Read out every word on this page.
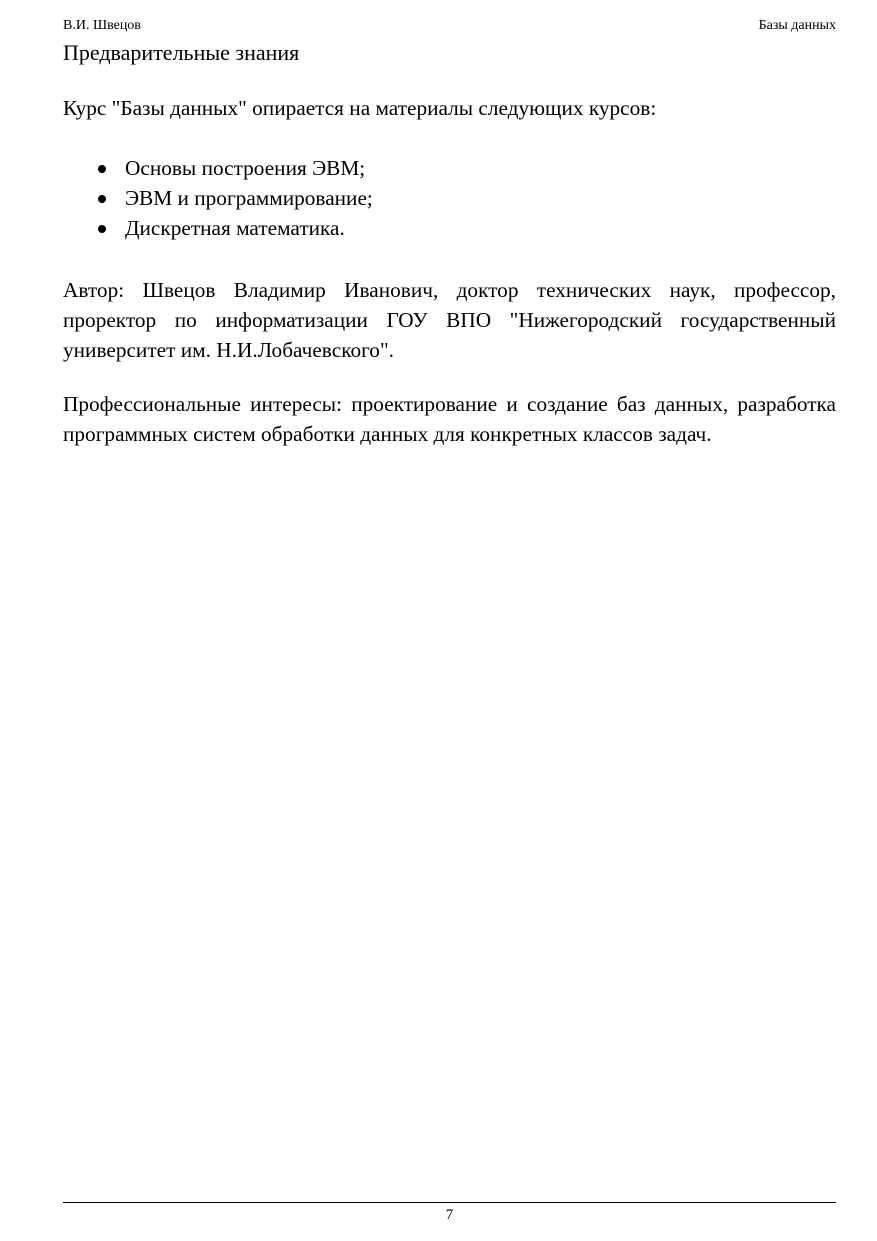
В.И. Швецов	Базы данных
Предварительные знания

Курс "Базы данных" опирается на материалы следующих курсов:

Основы построения ЭВМ;
ЭВМ и программирование;
Дискретная математика.

Автор: Швецов Владимир Иванович, доктор технических наук, профессор, проректор по информатизации ГОУ ВПО "Нижегородский государственный университет им. Н.И.Лобачевского".

Профессиональные интересы: проектирование и создание баз данных, разработка программных систем обработки данных для конкретных классов задач.

7
